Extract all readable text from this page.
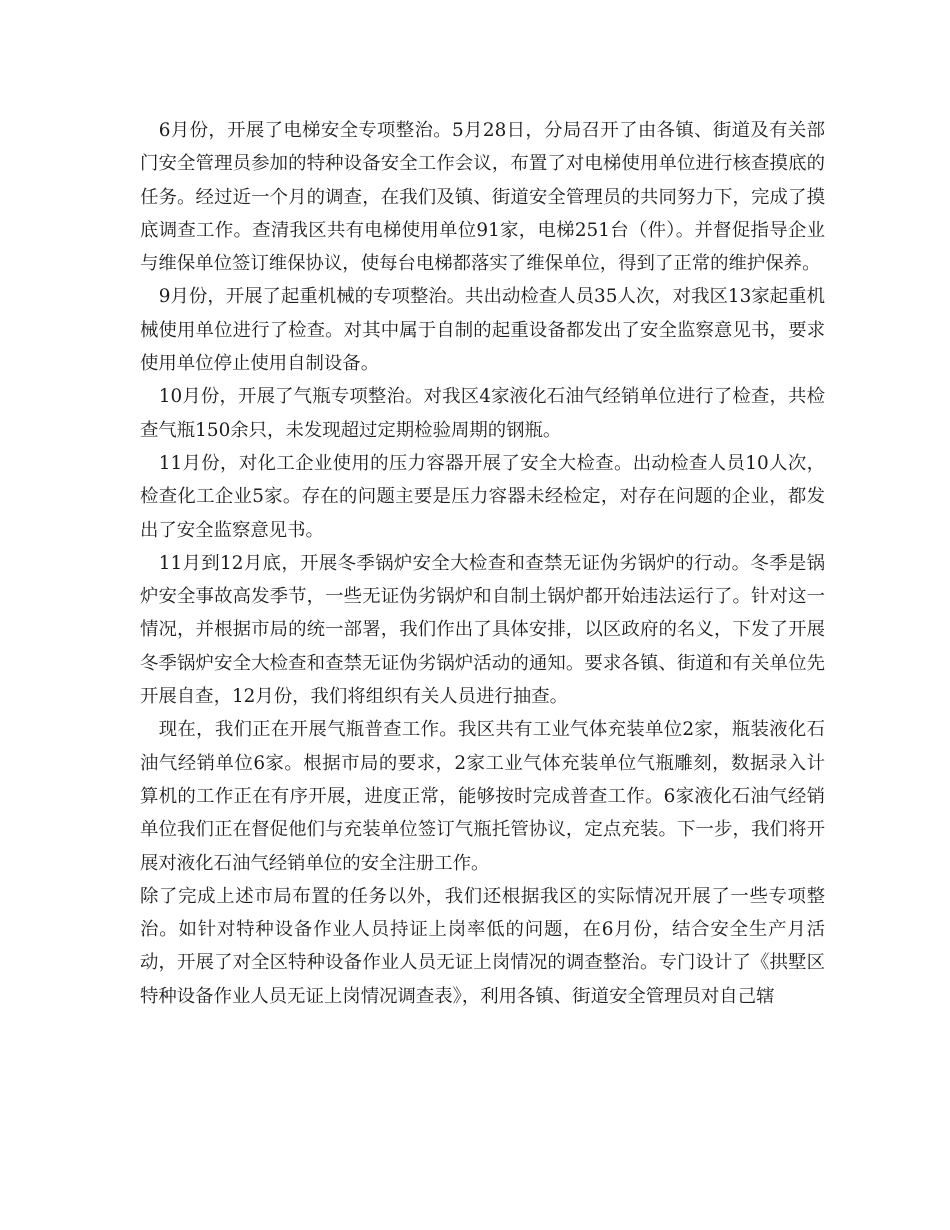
6月份，开展了电梯安全专项整治。5月28日，分局召开了由各镇、街道及有关部门安全管理员参加的特种设备安全工作会议，布置了对电梯使用单位进行核查摸底的任务。经过近一个月的调查，在我们及镇、街道安全管理员的共同努力下，完成了摸底调查工作。查清我区共有电梯使用单位91家，电梯251台（件）。并督促指导企业与维保单位签订维保协议，使每台电梯都落实了维保单位，得到了正常的维护保养。

9月份，开展了起重机械的专项整治。共出动检查人员35人次，对我区13家起重机械使用单位进行了检查。对其中属于自制的起重设备都发出了安全监察意见书，要求使用单位停止使用自制设备。

10月份，开展了气瓶专项整治。对我区4家液化石油气经销单位进行了检查，共检查气瓶150余只，未发现超过定期检验周期的钢瓶。

11月份，对化工企业使用的压力容器开展了安全大检查。出动检查人员10人次，检查化工企业5家。存在的问题主要是压力容器未经检定，对存在问题的企业，都发出了安全监察意见书。

11月到12月底，开展冬季锅炉安全大检查和查禁无证伪劣锅炉的行动。冬季是锅炉安全事故高发季节，一些无证伪劣锅炉和自制土锅炉都开始违法运行了。针对这一情况，并根据市局的统一部署，我们作出了具体安排，以区政府的名义，下发了开展冬季锅炉安全大检查和查禁无证伪劣锅炉活动的通知。要求各镇、街道和有关单位先开展自查，12月份，我们将组织有关人员进行抽查。

现在，我们正在开展气瓶普查工作。我区共有工业气体充装单位2家，瓶装液化石油气经销单位6家。根据市局的要求，2家工业气体充装单位气瓶雕刻，数据录入计算机的工作正在有序开展，进度正常，能够按时完成普查工作。6家液化石油气经销单位我们正在督促他们与充装单位签订气瓶托管协议，定点充装。下一步，我们将开展对液化石油气经销单位的安全注册工作。

除了完成上述市局布置的任务以外，我们还根据我区的实际情况开展了一些专项整治。如针对特种设备作业人员持证上岗率低的问题，在6月份，结合安全生产月活动，开展了对全区特种设备作业人员无证上岗情况的调查整治。专门设计了《拱墅区特种设备作业人员无证上岗情况调查表》，利用各镇、街道安全管理员对自己辖
